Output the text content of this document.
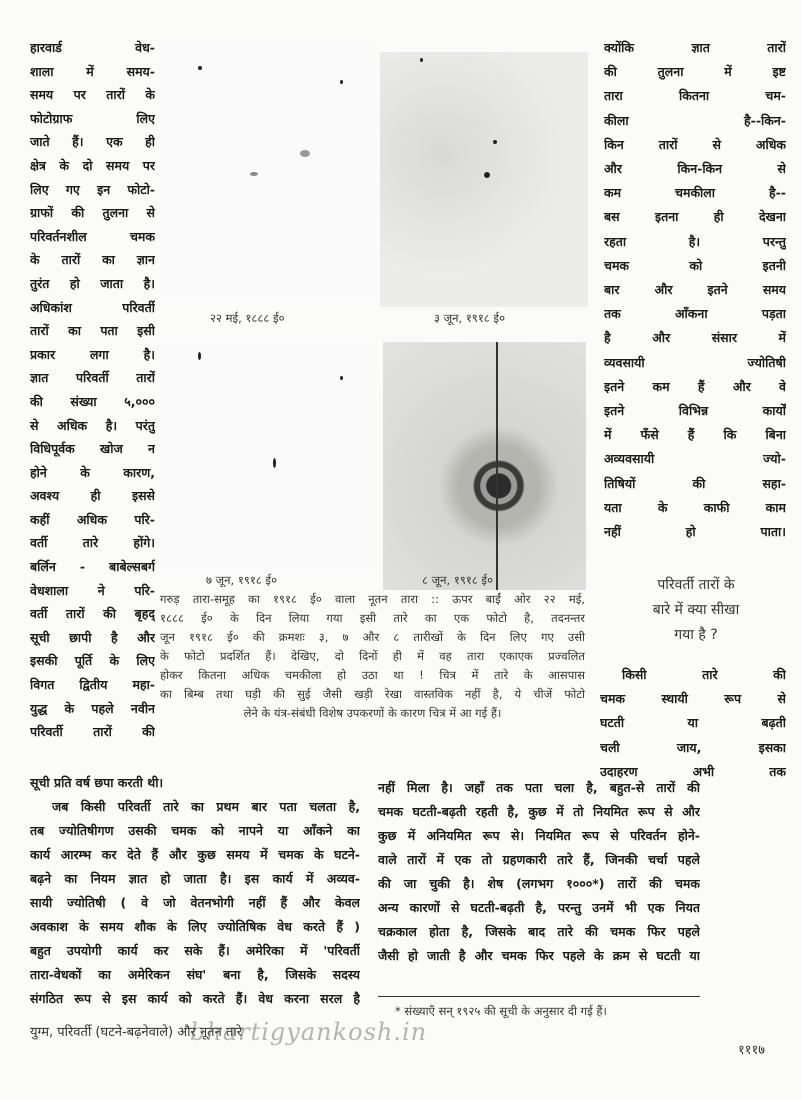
हारवार्ड वेध-
शाला में समय-
समय पर तारों के
फोटोग्राफ लिए
जाते हैं। एक ही
क्षेत्र के दो समय पर
लिए गए इन फोटो-
ग्राफों की तुलना से
परिवर्तनशील चमक
के तारों का ज्ञान
तुरंत हो जाता है।
अधिकांश परिवर्ती
तारों का पता इसी
प्रकार लगा है।
ज्ञात परिवर्ती तारों
की संख्या ५,०००
से अधिक है। परंतु
विधिपूर्वक खोज न
होने के कारण,
अवश्य ही इससे
कहीं अधिक परि-
वर्ती तारे होंगे।
बर्लिन - बाबेल्सबर्ग
वेधशाला ने परि-
वर्ती तारों की बृहद्
सूची छापी है और
इसकी पूर्ति के लिए
विगत द्वितीय महा-
युद्ध के पहले नवीन
परिवर्ती तारों की
क्योंकि ज्ञात तारों
की तुलना में इष्ट
तारा कितना चम-
कीला है--किन-
किन तारों से अधिक
और किन-किन से
कम चमकीला है--
बस इतना ही देखना
रहता है। परन्तु
चमक को इतनी
बार और इतने समय
तक आँकना पड़ता
है और संसार में
व्यवसायी ज्योतिषी
इतने कम हैं और वे
इतने विभिन्न कार्यों
में फँसे हैं कि बिना
अव्यवसायी ज्यो-
तिषियों की सहा-
यता के काफी काम
नहीं हो पाता।
परिवर्ती तारों के
बारे में क्या सीखा
गया है ?
किसी तारे की
चमक स्थायी रूप से
घटती या बढ़ती
चली जाय, इसका
उदाहरण अभी तक
२२ मई, १८८८ ई०	३ जून, १९१८ ई०
७ जून, १९१८ ई०	८ जून, १९१८ ई०
गरुड़ तारा-समूह का १९१८ ई० वाला नूतन तारा :: ऊपर बाईं ओर २२ मई,
१८८८ ई० के दिन लिया गया इसी तारे का एक फोटो है, तदनन्तर
जून १९१८ ई० की क्रमशः ३, ७ और ८ तारीखों के दिन लिए गए उसी
के फोटो प्रदर्शित हैं। देखिए, दो दिनों ही में वह तारा एकाएक प्रज्वलित
होकर कितना अधिक चमकीला हो उठा था ! चित्र में तारे के आसपास
का बिम्ब तथा घड़ी की सुई जैसी खड़ी रेखा वास्तविक नहीं है, ये चीजें फोटो
लेने के यंत्र-संबंधी विशेष उपकरणों के कारण चित्र में आ गई हैं।
सूची प्रति वर्ष छपा करती थी।
जब किसी परिवर्ती तारे का प्रथम बार पता चलता है,
तब ज्योतिषीगण उसकी चमक को नापने या आँकने का
कार्य आरम्भ कर देते हैं और कुछ समय में चमक के घटने-
बढ़ने का नियम ज्ञात हो जाता है। इस कार्य में अव्यव-
सायी ज्योतिषी ( वे जो वेतनभोगी नहीं हैं और केवल
अवकाश के समय शौक के लिए ज्योतिषिक वेध करते हैं )
बहुत उपयोगी कार्य कर सके हैं। अमेरिका में 'परिवर्ती
तारा-वेधकों का अमेरिकन संघ' बना है, जिसके सदस्य
संगठित रूप से इस कार्य को करते हैं। वेध करना सरल है
नहीं मिला है। जहाँ तक पता चला है, बहुत-से तारों की
चमक घटती-बढ़ती रहती है, कुछ में तो नियमित रूप से और
कुछ में अनियमित रूप से। नियमित रूप से परिवर्तन होने-
वाले तारों में एक तो ग्रहणकारी तारे हैं, जिनकी चर्चा पहले
की जा चुकी है। शेष (लगभग १०००*) तारों की चमक
अन्य कारणों से घटती-बढ़ती है, परन्तु उनमें भी एक नियत
चक्रकाल होता है, जिसके बाद तारे की चमक फिर पहले
जैसी हो जाती है और चमक फिर पहले के क्रम से घटती या
* संख्याएँ सन् १९२५ की सूची के अनुसार दी गई हैं।
युग्म, परिवर्ती (घटने-बढ़नेवाले) और नूतन तारे
bhartigyankosh.in
१११७
